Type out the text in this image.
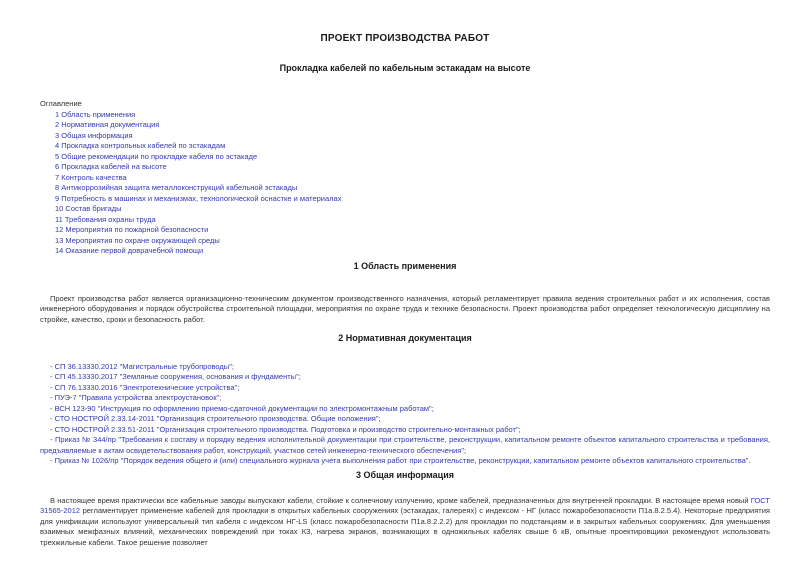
ПРОЕКТ ПРОИЗВОДСТВА РАБОТ
Прокладка кабелей по кабельным эстакадам на высоте
Оглавление
1 Область применения
2 Нормативная документация
3 Общая информация
4 Прокладка контрольных кабелей по эстакадам
5 Общие рекомендации по прокладке кабеля по эстакаде
6 Прокладка кабелей на высоте
7 Контроль качества
8 Антикоррозийная защита металлоконструкций кабельной эстакады
9 Потребность в машинах и механизмах, технологической оснастке и материалах
10 Состав бригады
11 Требования охраны труда
12 Мероприятия по пожарной безопасности
13 Мероприятия по охране окружающей среды
14 Оказание первой доврачебной помощи
1 Область применения

Проект производства работ является организационно-техническим документом производственного назначения, который регламентирует правила ведения строительных работ и их исполнения, состав инженерного оборудования и порядок обустройства строительной площадки, мероприятия по охране труда и технике безопасности. Проект производства работ определяет технологическую дисциплину на стройке, качество, сроки и безопасность работ.

2 Нормативная документация
- СП 36.13330.2012 "Магистральные трубопроводы";
- СП 45.13330.2017 "Земляные сооружения, основания и фундаменты";
- СП 76.13330.2016 "Электротехнические устройства";
- ПУЭ-7 "Правила устройства электроустановок";
- ВСН 123-90 "Инструкция по оформлению приемо-сдаточной документации по электромонтажным работам";
- СТО НОСТРОЙ 2.33.14-2011 "Организация строительного производства. Общие положения";
- СТО НОСТРОЙ 2.33.51-2011 "Организация строительного производства. Подготовка и производство строительно-монтажных работ";
- Приказ № 344/пр "Требования к составу и порядку ведения исполнительной документации при строительстве, реконструкции, капитальном ремонте объектов капитального строительства и требования, предъявляемые к актам освидетельствования работ, конструкций, участков сетей инженерно-технического обеспечения";
- Приказ № 1026/пр "Порядок ведения общего и (или) специального журнала учета выполнения работ при строительстве, реконструкции, капитальном ремонте объектов капитального строительства".
3 Общая информация

В настоящее время практически все кабельные заводы выпускают кабели, стойкие к солнечному излучению, кроме кабелей, предназначенных для внутренней прокладки. В настоящее время новый ГОСТ 31565-2012 регламентирует применение кабелей для прокладки в открытых кабельных сооружениях (эстакадах, галереях) с индексом - НГ (класс пожаробезопасности П1а.8.2.5.4). Некоторые предприятия для унификации используют универсальный тип кабеля с индексом НГ-LS (класс пожаробезопасности П1а.8.2.2.2) для прокладки по подстанциям и в закрытых кабельных сооружениях. Для уменьшения взаимных межфазных влияний, механических повреждений при токах КЗ, нагрева экранов, возникающих в одножильных кабелях свыше 6 кВ, опытные проектировщики рекомендуют использовать трехжильные кабели. Такое решение позволяет
